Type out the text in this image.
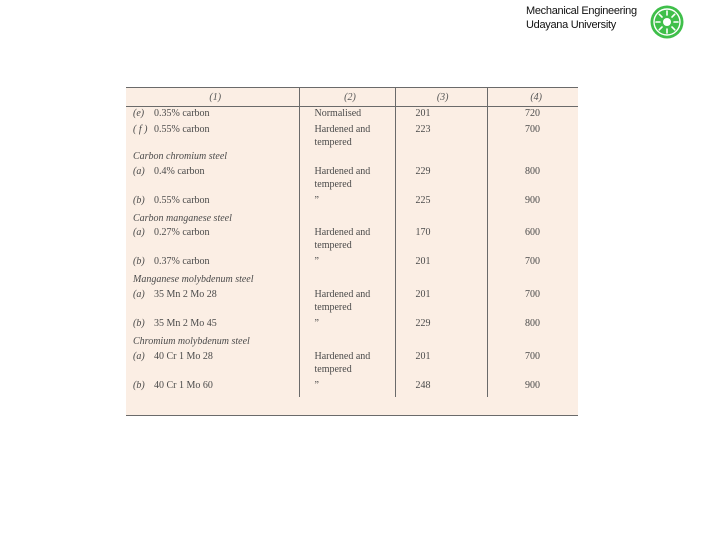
Mechanical Engineering
Udayana University
(1)	(2)	(3)	(4)
(e) 0.35% carbon	Normalised	201	720
( f ) 0.55% carbon	Hardened and
tempered	223	700
Carbon chromium steel			
(a) 0.4% carbon	Hardened and
tempered	229	800
(b) 0.55% carbon	”	225	900
Carbon manganese steel			
(a) 0.27% carbon	Hardened and
tempered	170	600
(b) 0.37% carbon	”	201	700
Manganese molybdenum steel			
(a) 35 Mn 2 Mo 28	Hardened and
tempered	201	700
(b) 35 Mn 2 Mo 45	”	229	800
Chromium molybdenum steel			
(a) 40 Cr 1 Mo 28	Hardened and
tempered	201	700
(b) 40 Cr 1 Mo 60	”	248	900
